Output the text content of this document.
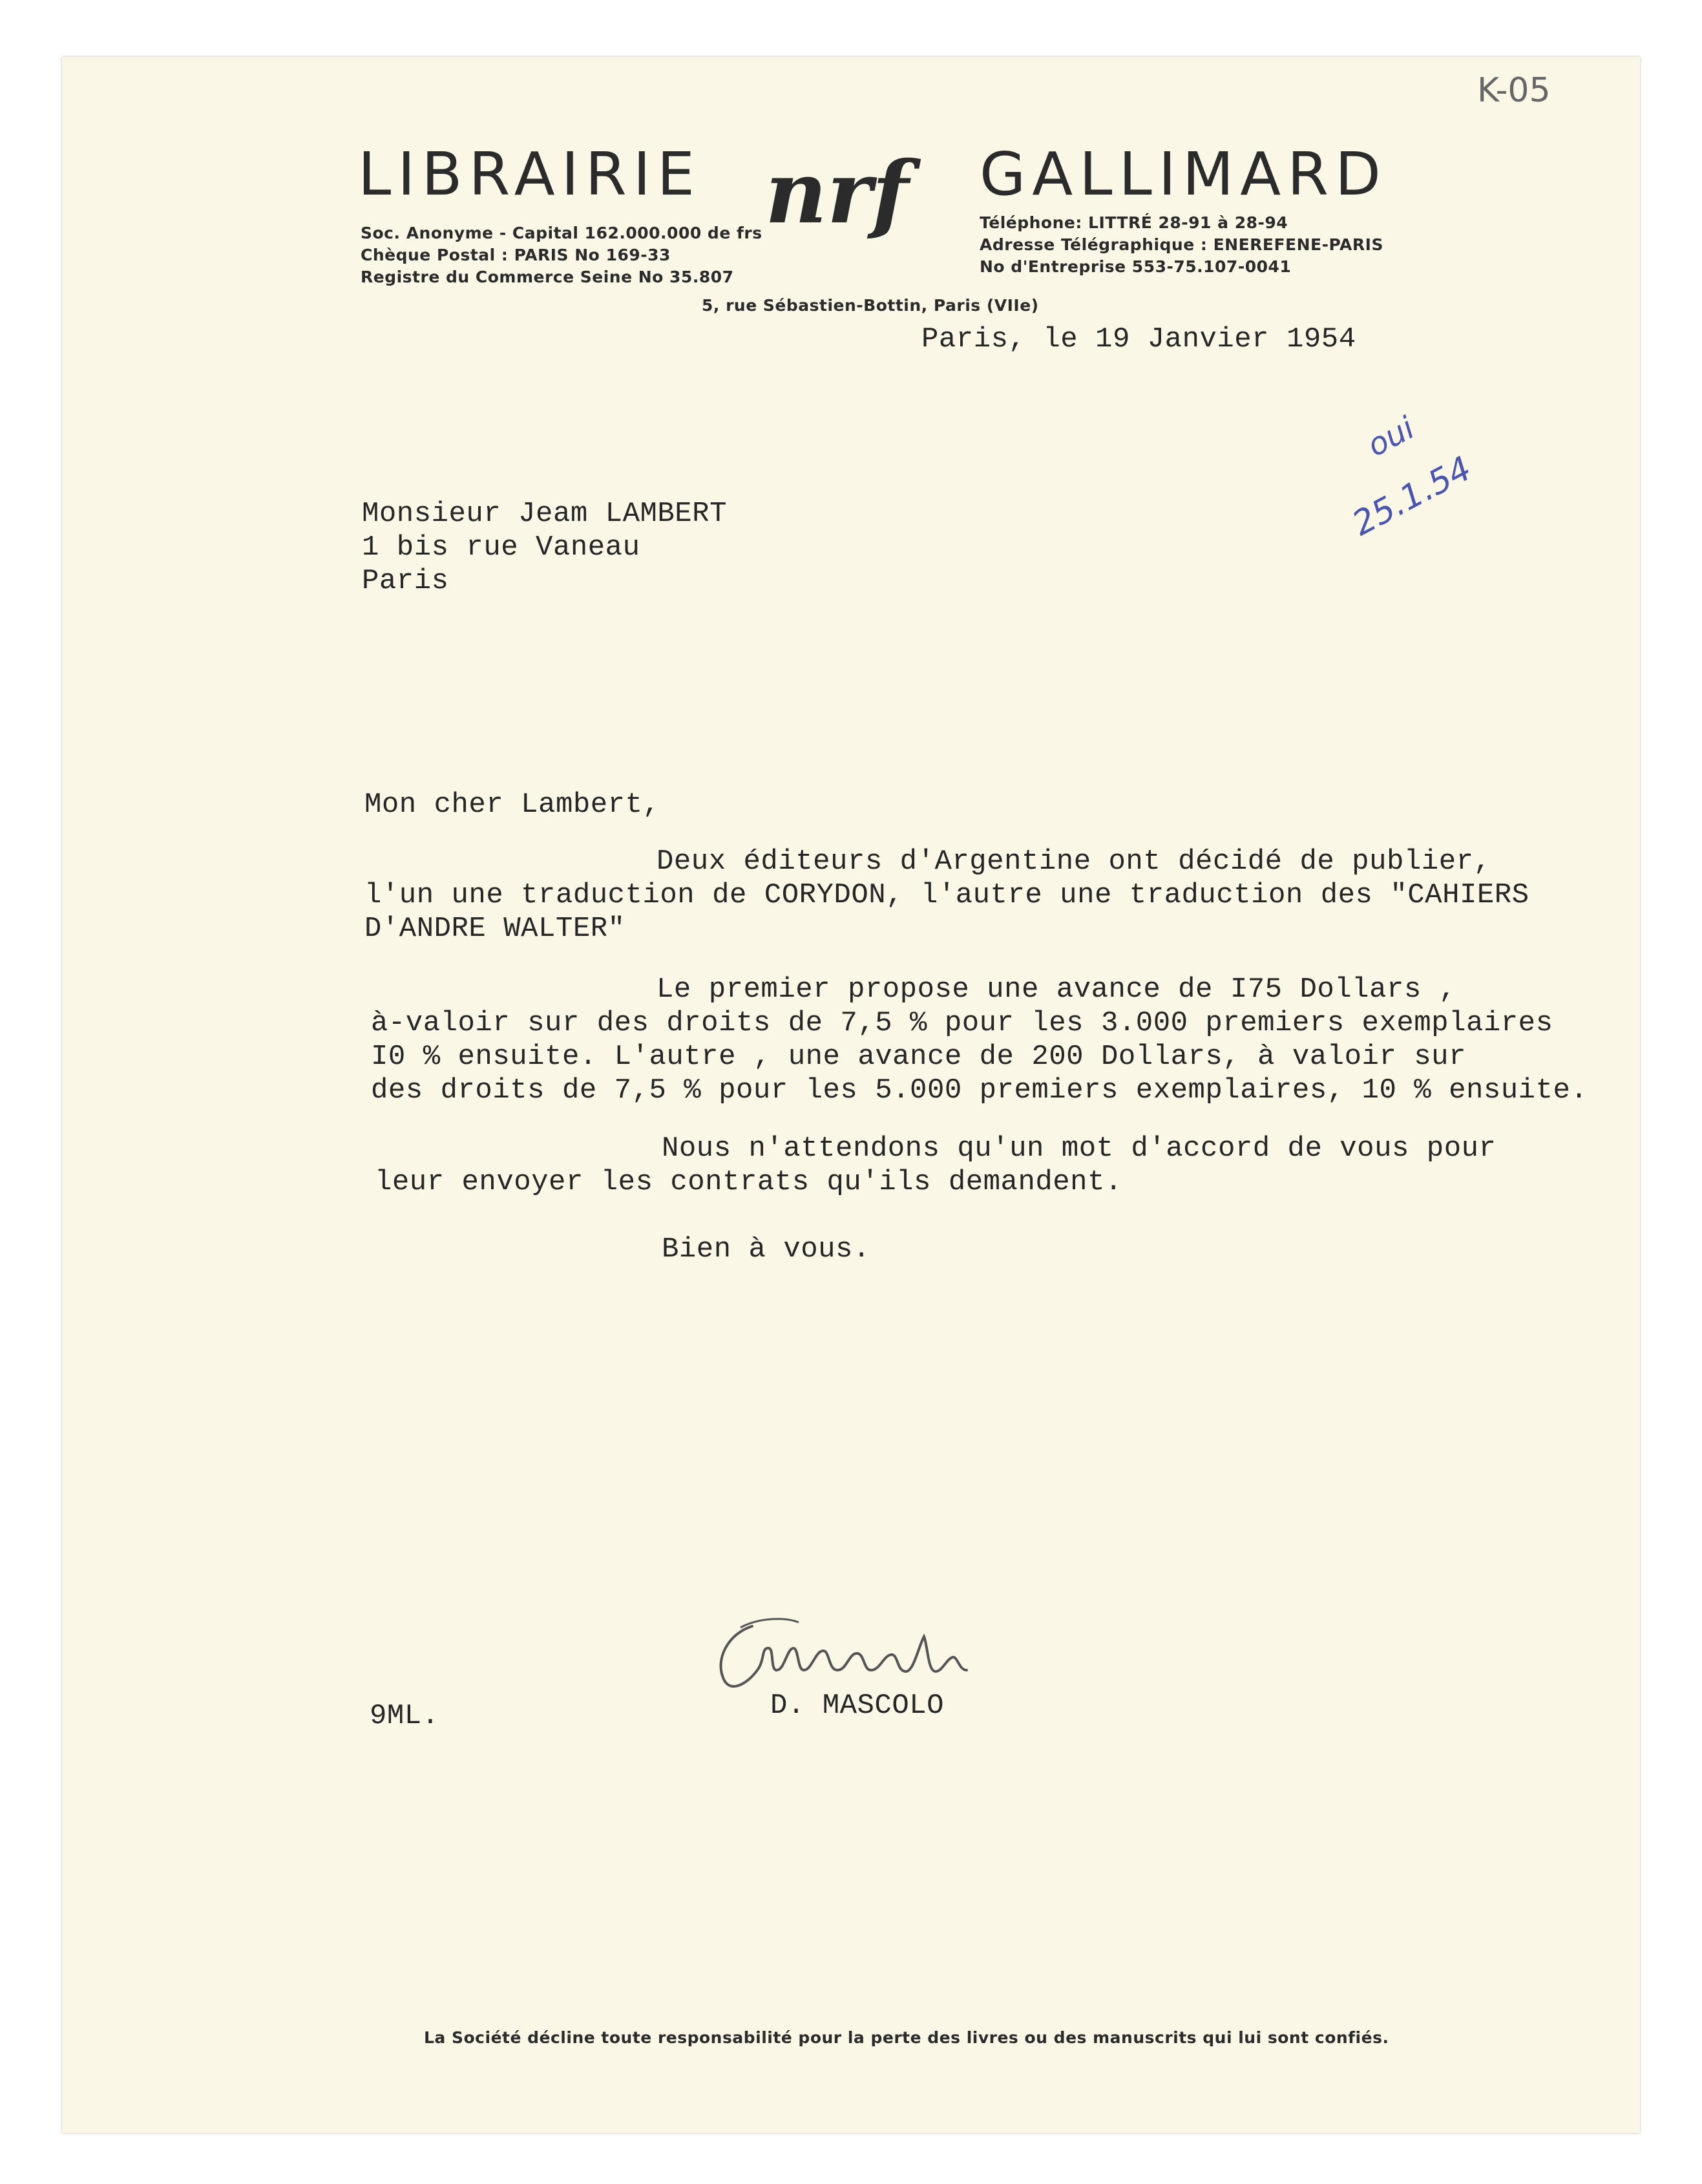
K-05
LIBRAIRIE	GALLIMARD
nrf
Soc. Anonyme - Capital 162.000.000 de frs
Chèque Postal : PARIS No 169-33
Registre du Commerce Seine No 35.807
Téléphone: LITTRÉ 28-91 à 28-94
Adresse Télégraphique : ENEREFENE-PARIS
No d'Entreprise 553-75.107-0041
5, rue Sébastien-Bottin, Paris (VIIe)
Paris, le 19 Janvier 1954
oui
25.1.54
Monsieur Jeam LAMBERT
1 bis rue Vaneau
Paris
Mon cher Lambert,
Deux éditeurs d'Argentine ont décidé de publier,
l'un une traduction de CORYDON, l'autre une traduction des "CAHIERS
D'ANDRE WALTER"
Le premier propose une avance de I75 Dollars ,
à-valoir sur des droits de 7,5 % pour les 3.000 premiers exemplaires
I0 % ensuite. L'autre , une avance de 200 Dollars, à valoir sur
des droits de 7,5 % pour les 5.000 premiers exemplaires, 10 % ensuite.
Nous n'attendons qu'un mot d'accord de vous pour
leur envoyer les contrats qu'ils demandent.
Bien à vous.
9ML.	D. MASCOLO
La Société décline toute responsabilité pour la perte des livres ou des manuscrits qui lui sont confiés.
